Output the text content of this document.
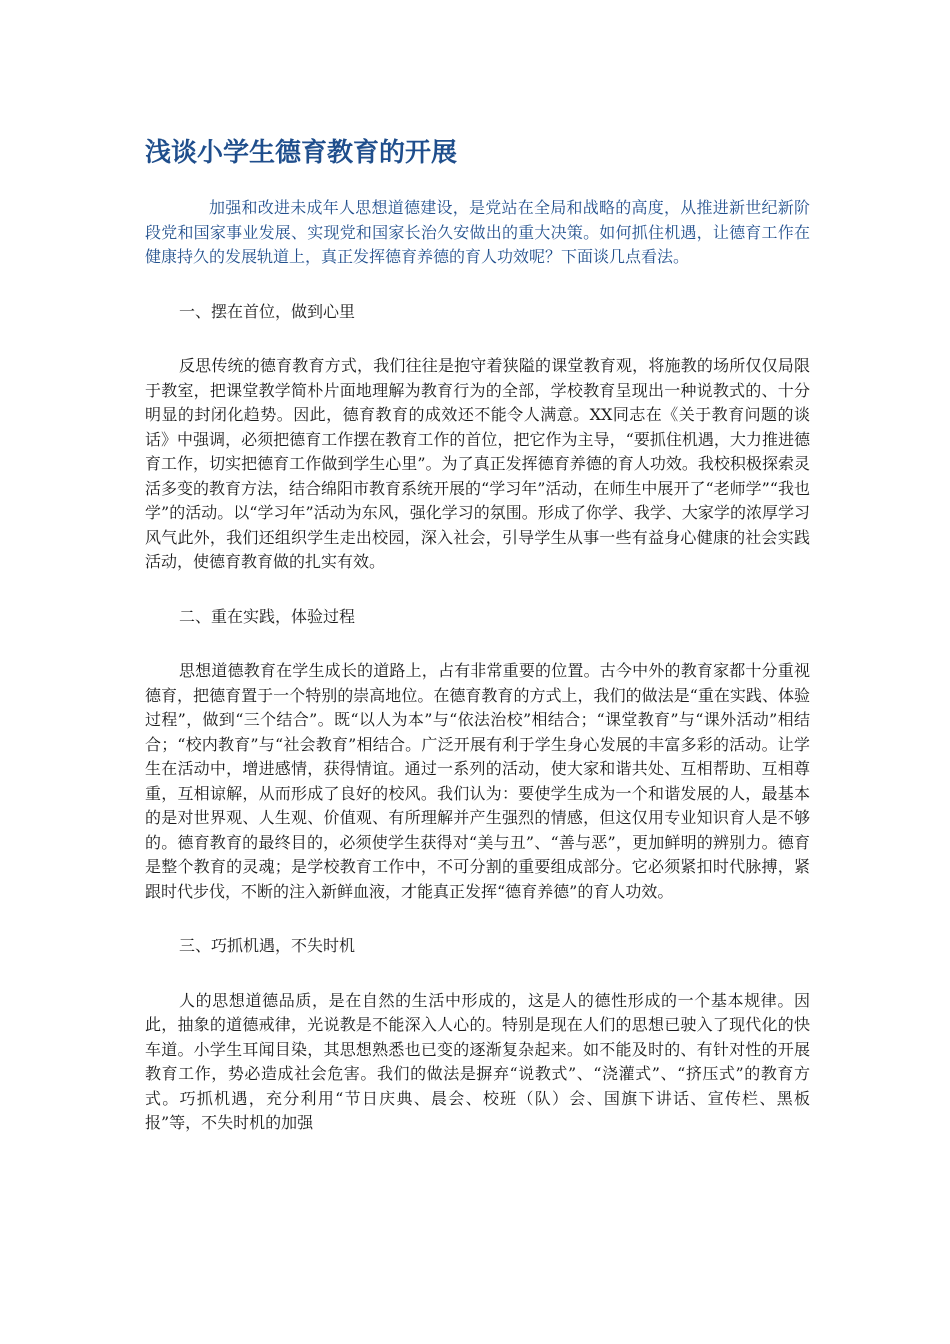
浅谈小学生德育教育的开展

加强和改进未成年人思想道德建设，是党站在全局和战略的高度，从推进新世纪新阶段党和国家事业发展、实现党和国家长治久安做出的重大决策。如何抓住机遇，让德育工作在健康持久的发展轨道上，真正发挥德育养德的育人功效呢？下面谈几点看法。

一、摆在首位，做到心里

反思传统的德育教育方式，我们往往是抱守着狭隘的课堂教育观，将施教的场所仅仅局限于教室，把课堂教学简朴片面地理解为教育行为的全部，学校教育呈现出一种说教式的、十分明显的封闭化趋势。因此，德育教育的成效还不能令人满意。XX同志在《关于教育问题的谈话》中强调，必须把德育工作摆在教育工作的首位，把它作为主导，“要抓住机遇，大力推进德育工作，切实把德育工作做到学生心里”。为了真正发挥德育养德的育人功效。我校积极探索灵活多变的教育方法，结合绵阳市教育系统开展的“学习年”活动，在师生中展开了“老师学”“我也学”的活动。以“学习年”活动为东风，强化学习的氛围。形成了你学、我学、大家学的浓厚学习风气此外，我们还组织学生走出校园，深入社会，引导学生从事一些有益身心健康的社会实践活动，使德育教育做的扎实有效。

二、重在实践，体验过程

思想道德教育在学生成长的道路上，占有非常重要的位置。古今中外的教育家都十分重视德育，把德育置于一个特别的崇高地位。在德育教育的方式上，我们的做法是“重在实践、体验过程”，做到“三个结合”。既“以人为本”与“依法治校”相结合；“课堂教育”与“课外活动”相结合；“校内教育”与“社会教育”相结合。广泛开展有利于学生身心发展的丰富多彩的活动。让学生在活动中，增进感情，获得情谊。通过一系列的活动，使大家和谐共处、互相帮助、互相尊重，互相谅解，从而形成了良好的校风。我们认为：要使学生成为一个和谐发展的人，最基本的是对世界观、人生观、价值观、有所理解并产生强烈的情感，但这仅用专业知识育人是不够的。德育教育的最终目的，必须使学生获得对“美与丑”、“善与恶”，更加鲜明的辨别力。德育是整个教育的灵魂；是学校教育工作中，不可分割的重要组成部分。它必须紧扣时代脉搏，紧跟时代步伐，不断的注入新鲜血液，才能真正发挥“德育养德”的育人功效。

三、巧抓机遇，不失时机

人的思想道德品质，是在自然的生活中形成的，这是人的德性形成的一个基本规律。因此，抽象的道德戒律，光说教是不能深入人心的。特别是现在人们的思想已驶入了现代化的快车道。小学生耳闻目染，其思想熟悉也已变的逐渐复杂起来。如不能及时的、有针对性的开展教育工作，势必造成社会危害。我们的做法是摒弃“说教式”、“浇灌式”、“挤压式”的教育方式。巧抓机遇，充分利用“节日庆典、晨会、校班（队）会、国旗下讲话、宣传栏、黑板报”等，不失时机的加强
